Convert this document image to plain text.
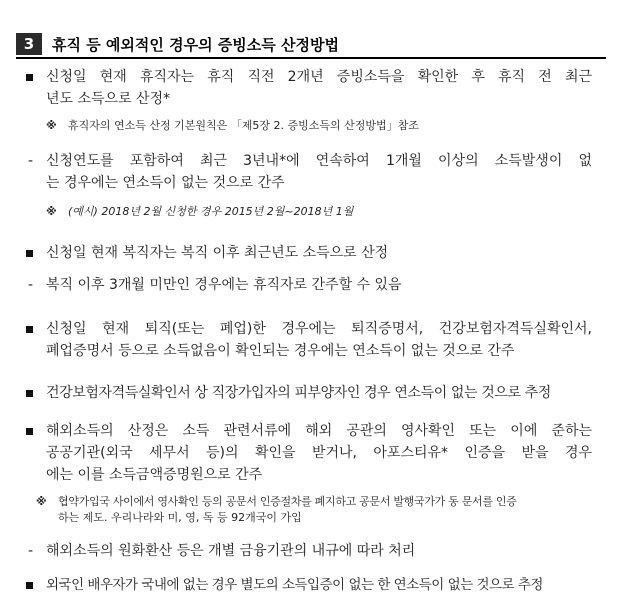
3	휴직 등 예외적인 경우의 증빙소득 산정방법
신청일 현재 휴직자는 휴직 직전 2개년 증빙소득을 확인한 후 휴직 전 최근
년도 소득으로 산정*
※	휴직자의 연소득 산정 기본원칙은 「제5장 2. 증빙소득의 산정방법」참조
- 신청연도를 포함하여 최근 3년내*에 연속하여 1개월 이상의 소득발생이 없
는 경우에는 연소득이 없는 것으로 간주
※	(예시) 2018년 2월 신청한 경우 2015년 2월~2018년 1월
신청일 현재 복직자는 복직 이후 최근년도 소득으로 산정
- 복직 이후 3개월 미만인 경우에는 휴직자로 간주할 수 있음
신청일 현재 퇴직(또는 폐업)한 경우에는 퇴직증명서, 건강보험자격득실확인서,
폐업증명서 등으로 소득없음이 확인되는 경우에는 연소득이 없는 것으로 간주
건강보험자격득실확인서 상 직장가입자의 피부양자인 경우 연소득이 없는 것으로 추정
해외소득의 산정은 소득 관련서류에 해외 공관의 영사확인 또는 이에 준하는
공공기관(외국 세무서 등)의 확인을 받거나, 아포스티유* 인증을 받을 경우
에는 이를 소득금액증명원으로 간주
※	협약가입국 사이에서 영사확인 등의 공문서 인증절차를 폐지하고 공문서 발행국가가 동 문서를 인증
하는 제도. 우리나라와 미, 영, 독 등 92개국이 가입
- 해외소득의 원화환산 등은 개별 금융기관의 내규에 따라 처리
외국인 배우자가 국내에 없는 경우 별도의 소득입증이 없는 한 연소득이 없는 것으로 추정
